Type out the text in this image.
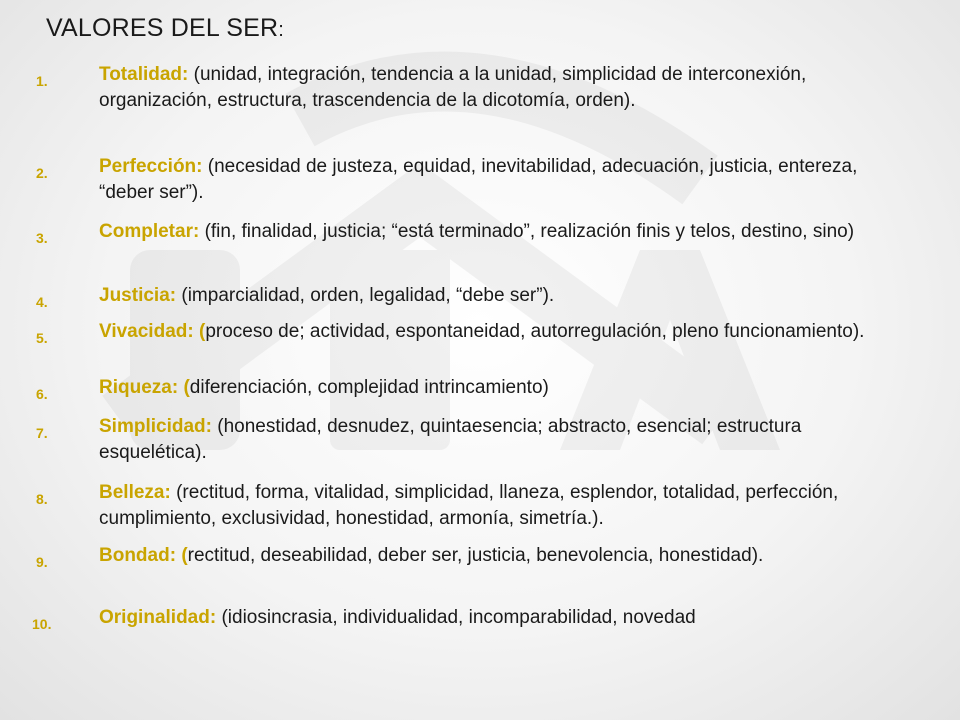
VALORES DEL SER:
1.	Totalidad: (unidad, integración, tendencia a la unidad, simplicidad de interconexión, organización, estructura, trascendencia de la dicotomía, orden).
2.	Perfección: (necesidad de justeza, equidad, inevitabilidad, adecuación, justicia, entereza, “deber ser”).
3.	Completar: (fin, finalidad, justicia; “está terminado”, realización finis y telos, destino, sino)
4.	Justicia: (imparcialidad, orden, legalidad, “debe ser”).
5.	Vivacidad: (proceso de; actividad, espontaneidad, autorregulación, pleno funcionamiento).
6.	Riqueza: (diferenciación, complejidad intrincamiento)
7.	Simplicidad: (honestidad, desnudez, quintaesencia; abstracto, esencial; estructura esquelética).
8.	Belleza: (rectitud, forma, vitalidad, simplicidad, llaneza, esplendor, totalidad, perfección, cumplimiento, exclusividad, honestidad, armonía, simetría.).
9.	Bondad: (rectitud, deseabilidad, deber ser, justicia, benevolencia, honestidad).
10.	Originalidad: (idiosincrasia, individualidad, incomparabilidad, novedad
